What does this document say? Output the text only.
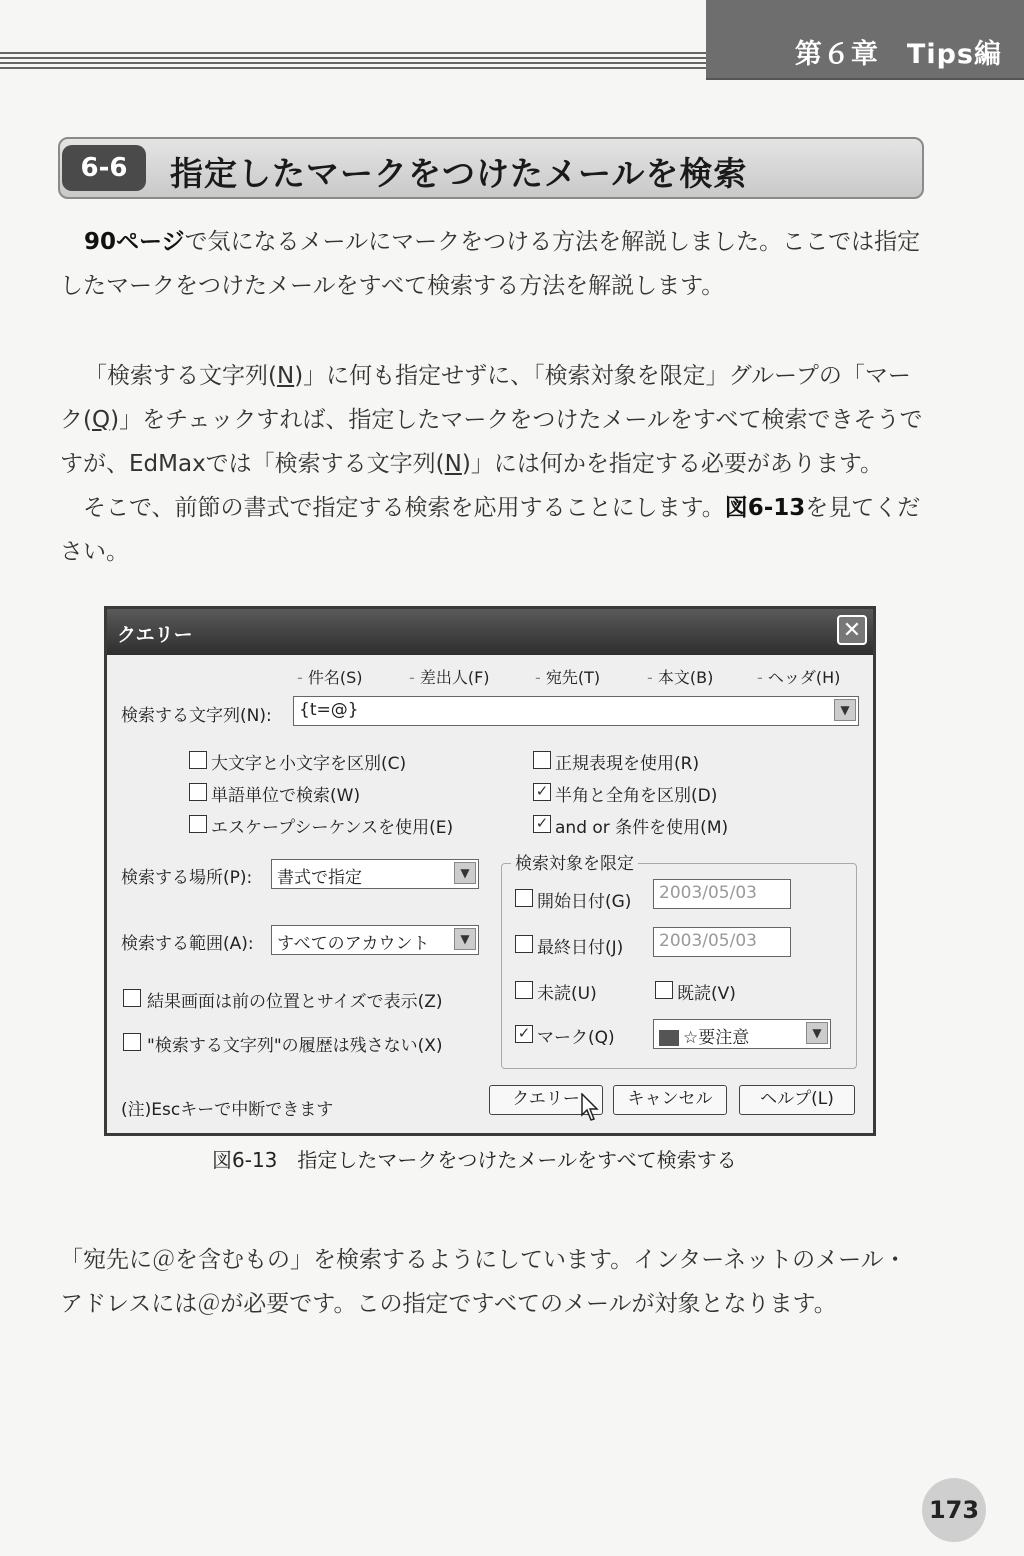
第６章　Tips編
6-6	指定したマークをつけたメールを検索
90ページで気になるメールにマークをつける方法を解説しました。ここでは指定したマークをつけたメールをすべて検索する方法を解説します。
「検索する文字列(N)」に何も指定せずに、「検索対象を限定」グループの「マーク(Q)」をチェックすれば、指定したマークをつけたメールをすべて検索できそうですが、EdMaxでは「検索する文字列(N)」には何かを指定する必要があります。
　そこで、前節の書式で指定する検索を応用することにします。図6-13を見てください。
クエリー	✕
- 件名(S)	- 差出人(F)	- 宛先(T)	- 本文(B)	- ヘッダ(H)
検索する文字列(N):	{t=@}	▼
大文字と小文字を区別(C)
単語単位で検索(W)
エスケープシーケンスを使用(E)
正規表現を使用(R)
✓ 半角と全角を区別(D)
✓ and or 条件を使用(M)
検索する場所(P):	書式で指定	▼
検索する範囲(A):	すべてのアカウント	▼
結果画面は前の位置とサイズで表示(Z)
"検索する文字列"の履歴は残さない(X)
検索対象を限定
開始日付(G)	2003/05/03
最終日付(J)	2003/05/03
未読(U)	既読(V)
✓ マーク(Q)	☆要注意	▼
(注)Escキーで中断できます
クエリー	キャンセル	ヘルプ(L)
図6-13　指定したマークをつけたメールをすべて検索する
「宛先に＠を含むもの」を検索するようにしています。インターネットのメール・アドレスには＠が必要です。この指定ですべてのメールが対象となります。
173
